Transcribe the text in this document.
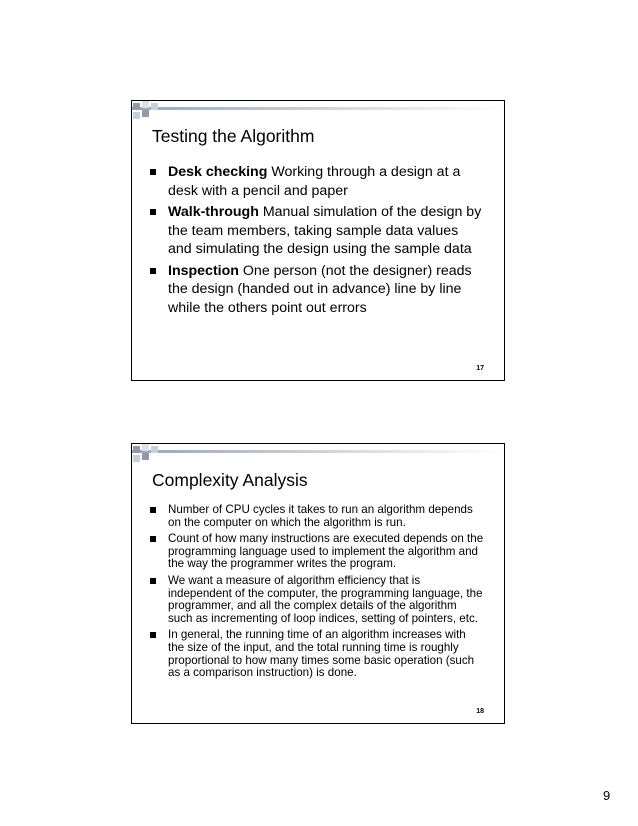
Testing the Algorithm
Desk checking Working through a design at a desk with a pencil and paper
Walk-through Manual simulation of the design by the team members, taking sample data values and simulating the design using the sample data
Inspection One person (not the designer) reads the design (handed out in advance) line by line while the others point out errors
17
Complexity Analysis
Number of CPU cycles it takes to run an algorithm depends on the computer on which the algorithm is run.
Count of how many instructions are executed depends on the programming language used to implement the algorithm and the way the programmer writes the program.
We want a measure of algorithm efficiency that is independent of the computer, the programming language, the programmer, and all the complex details of the algorithm such as incrementing of loop indices, setting of pointers, etc.
In general, the running time of an algorithm increases with the size of the input, and the total running time is roughly proportional to how many times some basic operation (such as a comparison instruction) is done.
18
9
